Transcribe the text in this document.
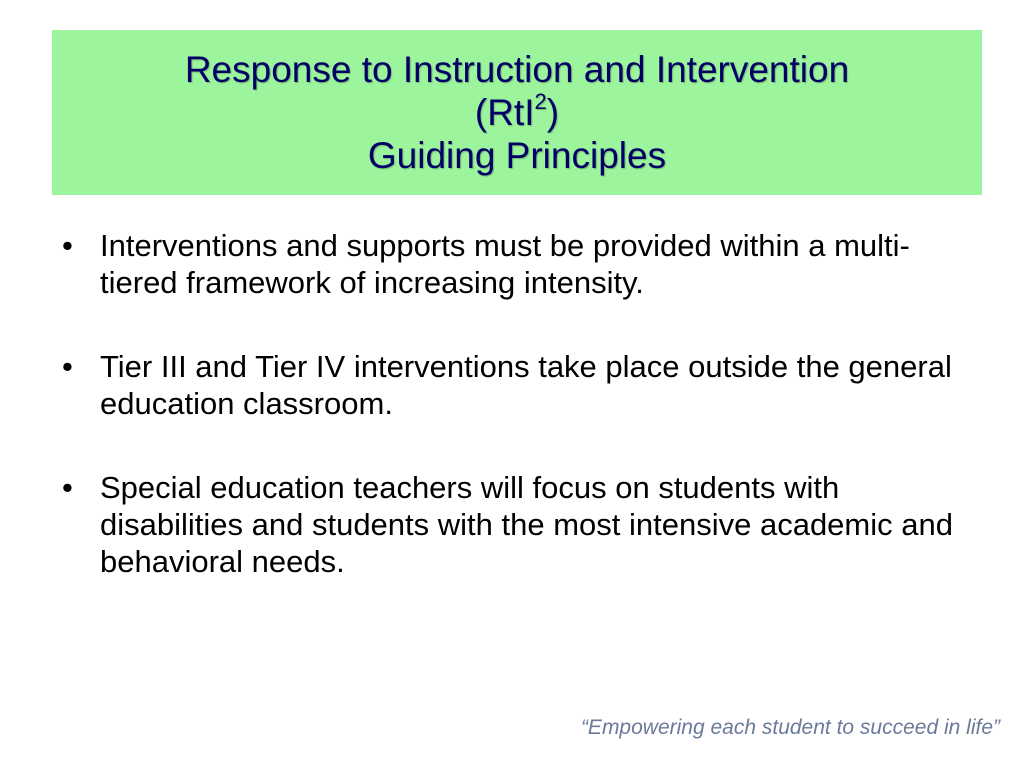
Response to Instruction and Intervention
(RtI$^2$)
Guiding Principles
• Interventions and supports must be provided within a multi-tiered framework of increasing intensity.
• Tier III and Tier IV interventions take place outside the general education classroom.
• Special education teachers will focus on students with disabilities and students with the most intensive academic and behavioral needs.
“Empowering each student to succeed in life”
